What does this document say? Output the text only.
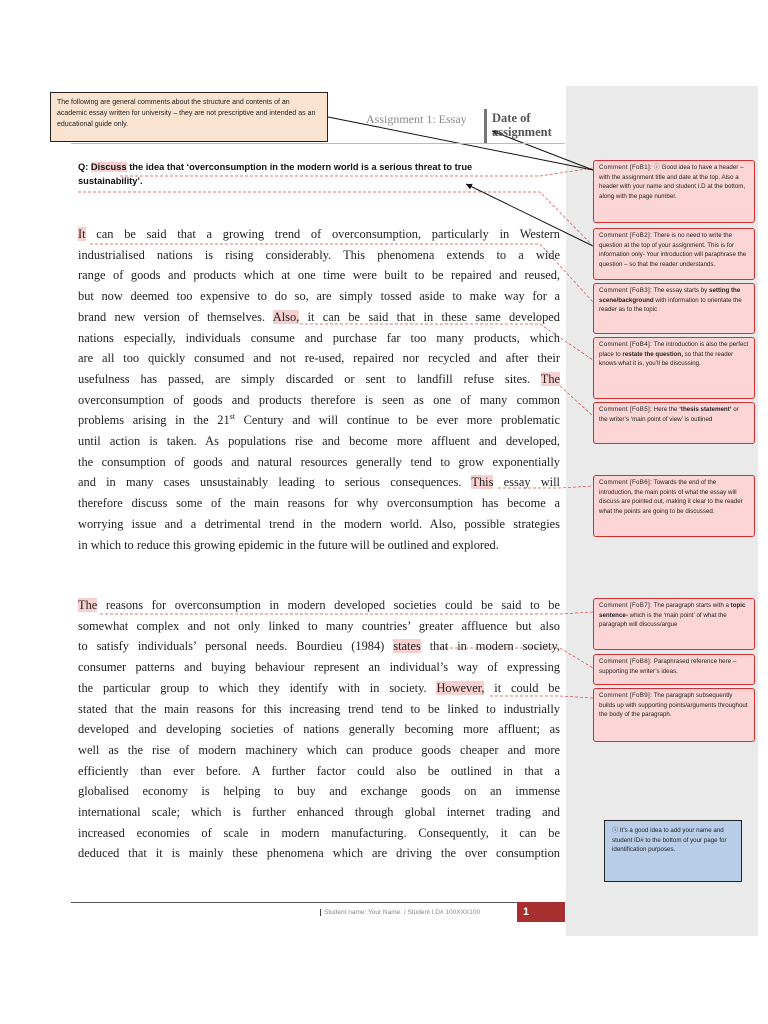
The following are general comments about the structure and contents of an academic essay written for university – they are not prescriptive and intended as an educational guide only.	Assignment 1: Essay Date of
assignment
Q: Discuss the idea that ‘overconsumption in the modern world is a serious threat to true sustainability’.
It can be said that a growing trend of overconsumption, particularly in Western
industrialised nations is rising considerably. This phenomena extends to a wide
range of goods and products which at one time were built to be repaired and reused,
but now deemed too expensive to do so, are simply tossed aside to make way for a
brand new version of themselves. Also, it can be said that in these same developed
nations especially, individuals consume and purchase far too many products, which
are all too quickly consumed and not re-used, repaired nor recycled and after their
usefulness has passed, are simply discarded or sent to landfill refuse sites. The
overconsumption of goods and products therefore is seen as one of many common
problems arising in the 21st Century and will continue to be ever more problematic
until action is taken. As populations rise and become more affluent and developed,
the consumption of goods and natural resources generally tend to grow exponentially
and in many cases unsustainably leading to serious consequences. This essay will
therefore discuss some of the main reasons for why overconsumption has become a
worrying issue and a detrimental trend in the modern world. Also, possible strategies
in which to reduce this growing epidemic in the future will be outlined and explored.
The reasons for overconsumption in modern developed societies could be said to be
somewhat complex and not only linked to many countries’ greater affluence but also
to satisfy individuals’ personal needs. Bourdieu (1984) states that in modern society,
consumer patterns and buying behaviour represent an individual’s way of expressing
the particular group to which they identify with in society. However, it could be
stated that the main reasons for this increasing trend tend to be linked to industrially
developed and developing societies of nations generally becoming more affluent; as
well as the rise of modern machinery which can produce goods cheaper and more
efficiently than ever before. A further factor could also be outlined in that a
globalised economy is helping to buy and exchange goods on an immense
international scale; which is further enhanced through global internet trading and
increased economies of scale in modern manufacturing. Consequently, it can be
deduced that it is mainly these phenomena which are driving the over consumption
Comment [FoB1]: ⓘ Good idea to have a header – with the assignment title and date at the top. Also a header with your name and student I.D at the bottom, along with the page number.
Comment [FoB2]: There is no need to write the question at the top of your assignment. This is for information only- Your introduction will paraphrase the question – so that the reader understands.
Comment [FoB3]: The essay starts by setting the scene/background with information to orientate the reader as to the topic
Comment [FoB4]: The introduction is also the perfect place to restate the question, so that the reader knows what it is, you’ll be discussing.
Comment [FoB5]: Here the ‘thesis statement’ or the writer’s ‘main point of view’ is outlined
Comment [FoB6]: Towards the end of the introduction, the main points of what the essay will discuss are pointed out, making it clear to the reader what the points are going to be discussed.
Comment [FoB7]: The paragraph starts with a topic sentence- which is the ‘main point’ of what the paragraph will discuss/argue
Comment [FoB8]: Paraphrased reference here – supporting the writer’s ideas.
Comment [FoB9]: The paragraph subsequently builds up with supporting points/arguments throughout the body of the paragraph.
ⓘ It’s a good idea to add your name and student ID# to the bottom of your page for identification purposes.
Student name: Your Name. / Student I.D# 100XXX100	1
